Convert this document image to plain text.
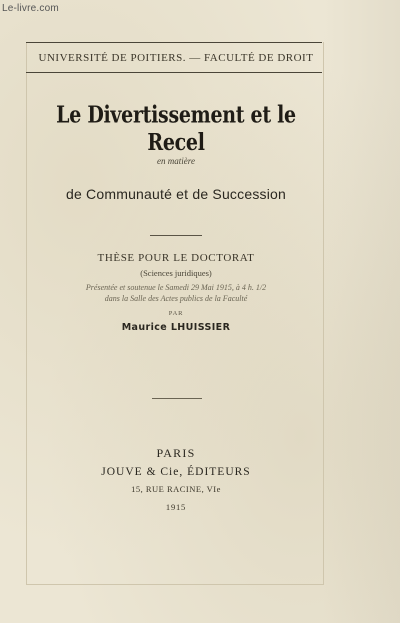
Le-livre.com
UNIVERSITÉ DE POITIERS. — FACULTÉ DE DROIT
Le Divertissement et le Recel
en matière
de Communauté et de Succession
THÈSE POUR LE DOCTORAT
(Sciences juridiques)
Présentée et soutenue le Samedi 29 Mai 1915, à 4 h. 1/2
dans la Salle des Actes publics de la Faculté
PAR
Maurice LHUISSIER
PARIS
JOUVE & Cie, ÉDITEURS
15, RUE RACINE, VIe
1915
